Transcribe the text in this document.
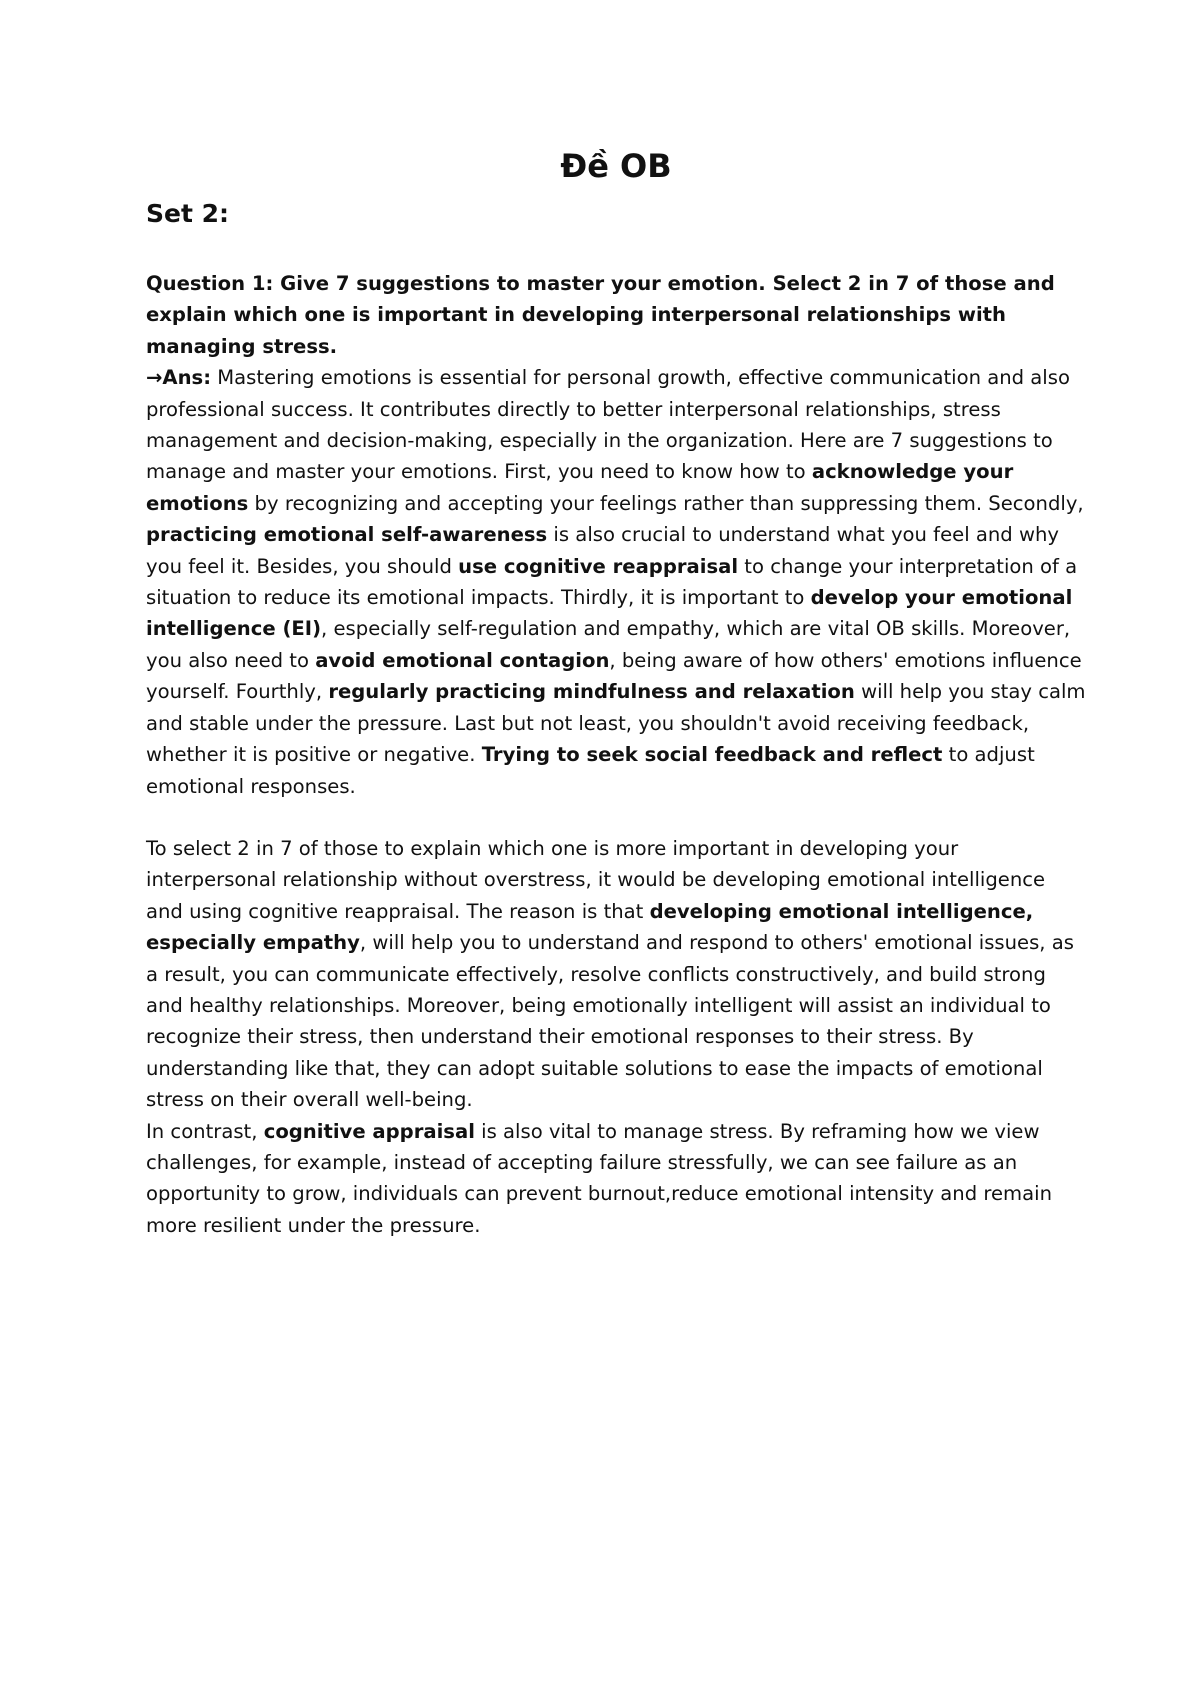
Đề OB
Set 2:

Question 1: Give 7 suggestions to master your emotion. Select 2 in 7 of those and explain which one is important in developing interpersonal relationships with managing stress.

→Ans: Mastering emotions is essential for personal growth, effective communication and also professional success. It contributes directly to better interpersonal relationships, stress management and decision-making, especially in the organization. Here are 7 suggestions to manage and master your emotions. First, you need to know how to acknowledge your emotions by recognizing and accepting your feelings rather than suppressing them. Secondly, practicing emotional self-awareness is also crucial to understand what you feel and why you feel it. Besides, you should use cognitive reappraisal to change your interpretation of a situation to reduce its emotional impacts. Thirdly, it is important to develop your emotional intelligence (EI), especially self-regulation and empathy, which are vital OB skills. Moreover, you also need to avoid emotional contagion, being aware of how others' emotions influence yourself. Fourthly, regularly practicing mindfulness and relaxation will help you stay calm and stable under the pressure. Last but not least, you shouldn't avoid receiving feedback, whether it is positive or negative. Trying to seek social feedback and reflect to adjust emotional responses.

To select 2 in 7 of those to explain which one is more important in developing your interpersonal relationship without overstress, it would be developing emotional intelligence and using cognitive reappraisal. The reason is that developing emotional intelligence, especially empathy, will help you to understand and respond to others' emotional issues, as a result, you can communicate effectively, resolve conflicts constructively, and build strong and healthy relationships. Moreover, being emotionally intelligent will assist an individual to recognize their stress, then understand their emotional responses to their stress. By understanding like that, they can adopt suitable solutions to ease the impacts of emotional stress on their overall well-being.

In contrast, cognitive appraisal is also vital to manage stress. By reframing how we view challenges, for example, instead of accepting failure stressfully, we can see failure as an opportunity to grow, individuals can prevent burnout,reduce emotional intensity and remain more resilient under the pressure.
